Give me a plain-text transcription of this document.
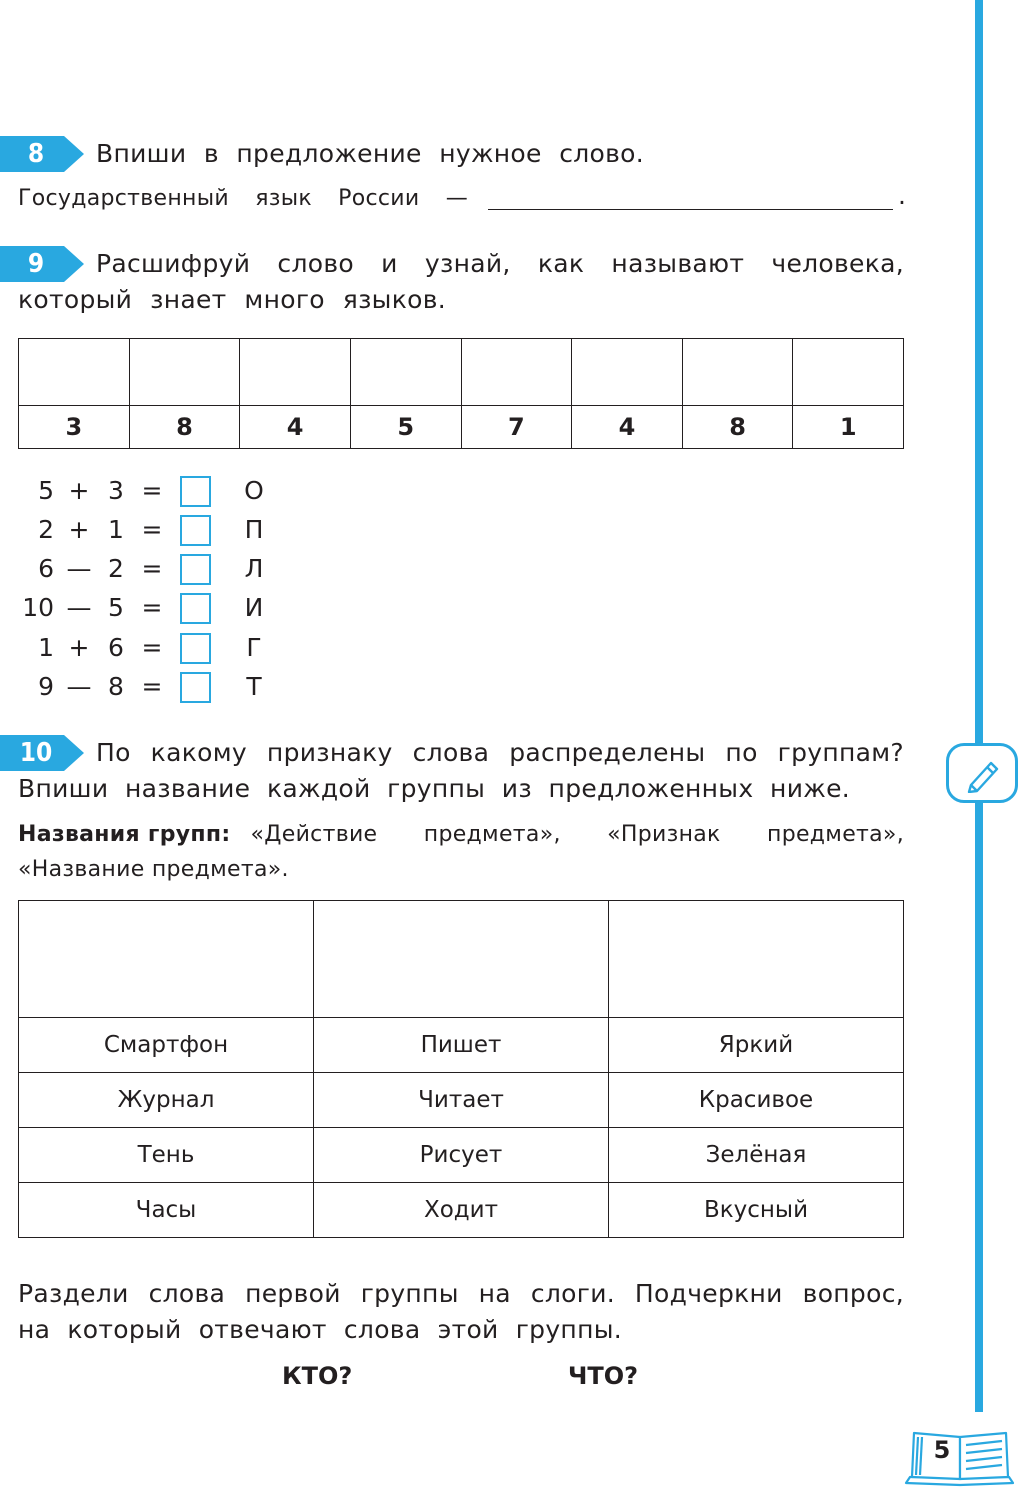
8	Впиши в предложение нужное слово.
Государственный язык России —	.
9	Расшифруй слово и узнай, как называют человека,
который знает много языков.

3	8	4	5	7	4	8	1
5 + 3 =	О
2 + 1 =	П
6 — 2 =	Л
10 — 5 =	И
1 + 6 =	Г
9 — 8 =	Т
10	По какому признаку слова распределены по группам?
Впиши название каждой группы из предложенных ниже.
Названия групп: «Действие предмета», «Признак предмета»,
«Название предмета».

Смартфон	Пишет	Яркий
Журнал	Читает	Красивое
Тень	Рисует	Зелёная
Часы	Ходит	Вкусный
Раздели слова первой группы на слоги. Подчеркни вопрос,
на который отвечают слова этой группы.
КТО?	ЧТО?
5
